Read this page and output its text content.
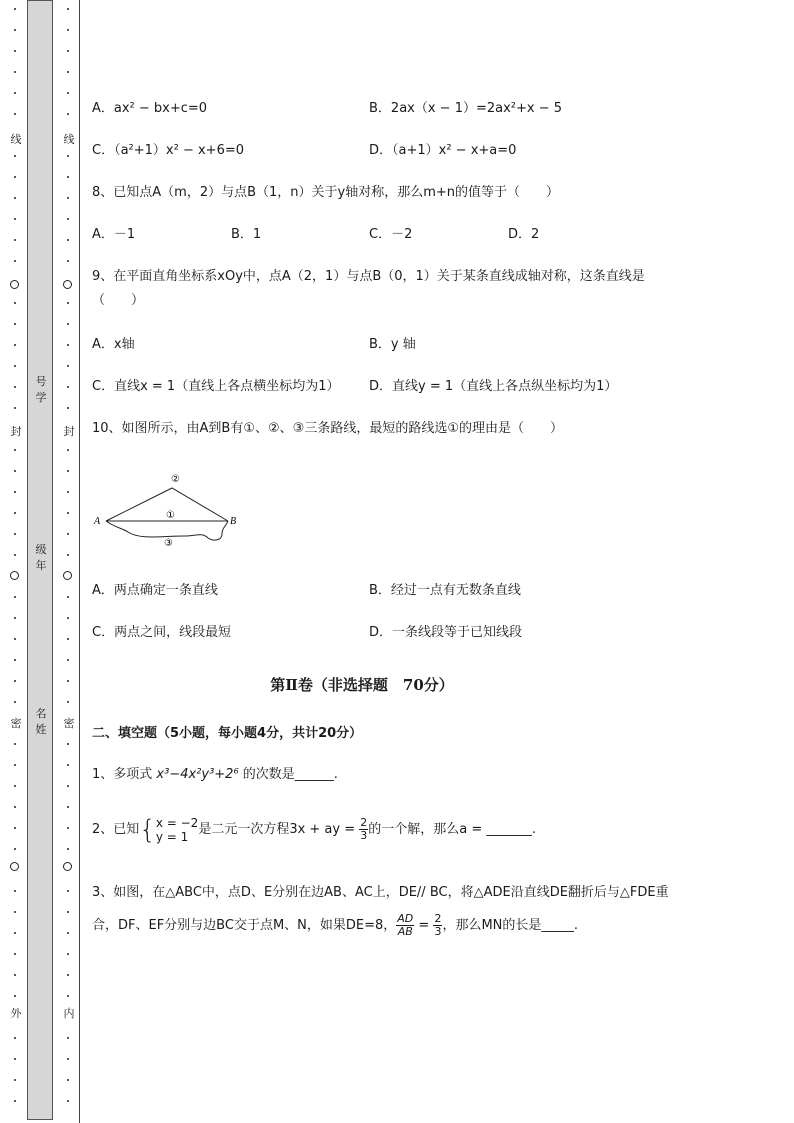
线
封
密
外
线
封
密
内
号学
级年
名姓
A．ax² − bx+c=0	B．2ax（x − 1）=2ax²+x − 5
C．（a²+1）x² − x+6=0	D．（a+1）x² − x+a=0
8、已知点A（m，2）与点B（1，n）关于y轴对称，那么m+n的值等于（　　）
A．－1	B．1	C．－2	D．2
9、在平面直角坐标系xOy中，点A（2，1）与点B（0，1）关于某条直线成轴对称，这条直线是
（　　）
A．x轴	B．y 轴
C．直线x = 1（直线上各点横坐标均为1） D．直线y = 1（直线上各点纵坐标均为1）
10、如图所示，由A到B有①、②、③三条路线，最短的路线选①的理由是（　　）
A	B
②
①
③
A．两点确定一条直线	B．经过一点有无数条直线
C．两点之间，线段最短	D．一条线段等于已知线段
第Ⅱ卷（非选择题　70分）
二、填空题（5小题，每小题4分，共计20分）
1、多项式 x³−4x²y³+2⁶ 的次数是______.
2、已知{ x = −2
y = 1 是二元一次方程3x + ay = $\frac{2}{3}$ 的一个解，那么a = _______.
3、如图，在△ABC中，点D、E分别在边AB、AC上，DE// BC，将△ADE沿直线DE翻折后与△FDE重
合，DF、EF分别与边BC交于点M、N，如果DE=8， $\frac{AD}{AB} = \frac{2}{3}$ ，那么MN的长是_____.
